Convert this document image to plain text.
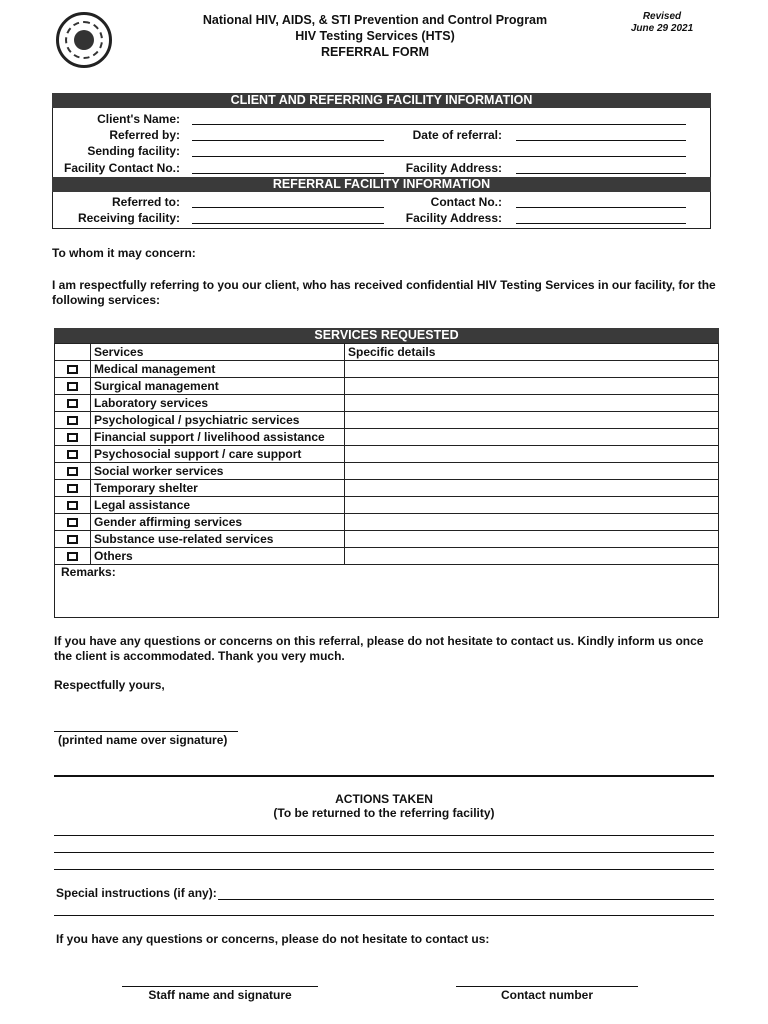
National HIV, AIDS, & STI Prevention and Control Program
HIV Testing Services (HTS)
REFERRAL FORM
Revised
June 29 2021
CLIENT AND REFERRING FACILITY INFORMATION
Client's Name:
Referred by:	Date of referral:
Sending facility:
Facility Contact No.:	Facility Address:
REFERRAL FACILITY INFORMATION
Referred to:	Contact No.:
Receiving facility:	Facility Address:
To whom it may concern:
I am respectfully referring to you our client, who has received confidential HIV Testing Services in our facility, for the following services:
SERVICES REQUESTED
	Services	Specific details
	Medical management	
	Surgical management	
	Laboratory services	
	Psychological / psychiatric services	
	Financial support / livelihood assistance	
	Psychosocial support / care support	
	Social worker services	
	Temporary shelter	
	Legal assistance	
	Gender affirming services	
	Substance use-related services	
	Others	
Remarks:
If you have any questions or concerns on this referral, please do not hesitate to contact us. Kindly inform us once the client is accommodated. Thank you very much.
Respectfully yours,
(printed name over signature)
ACTIONS TAKEN
(To be returned to the referring facility)
Special instructions (if any):
If you have any questions or concerns, please do not hesitate to contact us:
Staff name and signature	Contact number
